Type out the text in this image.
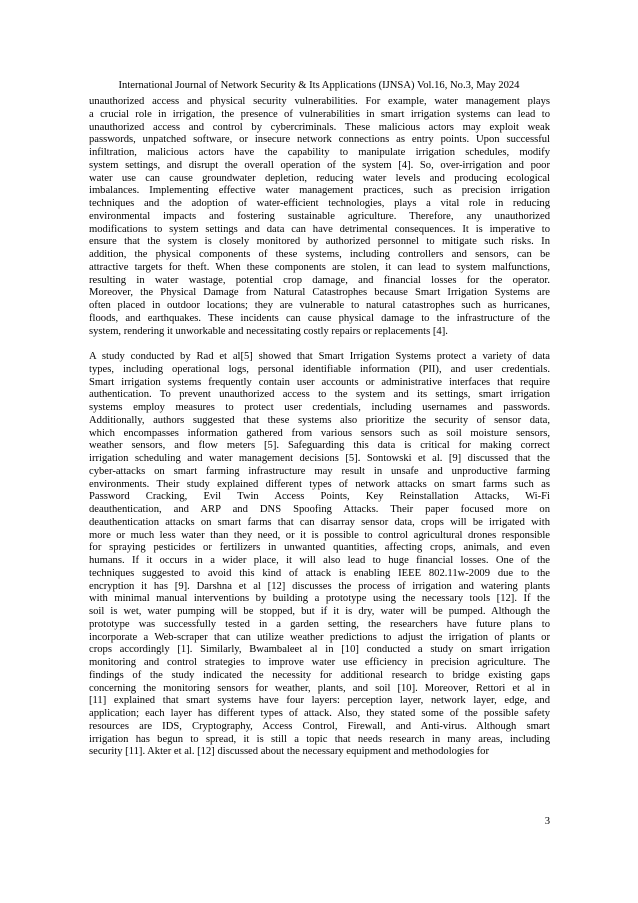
International Journal of Network Security & Its Applications (IJNSA) Vol.16, No.3, May 2024

unauthorized access and physical security vulnerabilities. For example, water management plays
a crucial role in irrigation, the presence of vulnerabilities in smart irrigation systems can lead to
unauthorized access and control by cybercriminals. These malicious actors may exploit weak
passwords, unpatched software, or insecure network connections as entry points. Upon successful
infiltration, malicious actors have the capability to manipulate irrigation schedules, modify
system settings, and disrupt the overall operation of the system [4]. So, over-irrigation and poor
water use can cause groundwater depletion, reducing water levels and producing ecological
imbalances. Implementing effective water management practices, such as precision irrigation
techniques and the adoption of water-efficient technologies, plays a vital role in reducing
environmental impacts and fostering sustainable agriculture. Therefore, any unauthorized
modifications to system settings and data can have detrimental consequences. It is imperative to
ensure that the system is closely monitored by authorized personnel to mitigate such risks. In
addition, the physical components of these systems, including controllers and sensors, can be
attractive targets for theft. When these components are stolen, it can lead to system malfunctions,
resulting in water wastage, potential crop damage, and financial losses for the operator.
Moreover, the Physical Damage from Natural Catastrophes because Smart Irrigation Systems are
often placed in outdoor locations; they are vulnerable to natural catastrophes such as hurricanes,
floods, and earthquakes. These incidents can cause physical damage to the infrastructure of the
system, rendering it unworkable and necessitating costly repairs or replacements [4].

A study conducted by Rad et al[5] showed that Smart Irrigation Systems protect a variety of data
types, including operational logs, personal identifiable information (PII), and user credentials.
Smart irrigation systems frequently contain user accounts or administrative interfaces that require
authentication. To prevent unauthorized access to the system and its settings, smart irrigation
systems employ measures to protect user credentials, including usernames and passwords.
Additionally, authors suggested that these systems also prioritize the security of sensor data,
which encompasses information gathered from various sensors such as soil moisture sensors,
weather sensors, and flow meters [5]. Safeguarding this data is critical for making correct
irrigation scheduling and water management decisions [5]. Sontowski et al. [9] discussed that the
cyber-attacks on smart farming infrastructure may result in unsafe and unproductive farming
environments. Their study explained different types of network attacks on smart farms such as
Password Cracking, Evil Twin Access Points, Key Reinstallation Attacks, Wi-Fi
deauthentication, and ARP and DNS Spoofing Attacks. Their paper focused more on
deauthentication attacks on smart farms that can disarray sensor data, crops will be irrigated with
more or much less water than they need, or it is possible to control agricultural drones responsible
for spraying pesticides or fertilizers in unwanted quantities, affecting crops, animals, and even
humans. If it occurs in a wider place, it will also lead to huge financial losses. One of the
techniques suggested to avoid this kind of attack is enabling IEEE 802.11w-2009 due to the
encryption it has [9]. Darshna et al [12] discusses the process of irrigation and watering plants
with minimal manual interventions by building a prototype using the necessary tools [12]. If the
soil is wet, water pumping will be stopped, but if it is dry, water will be pumped. Although the
prototype was successfully tested in a garden setting, the researchers have future plans to
incorporate a Web-scraper that can utilize weather predictions to adjust the irrigation of plants or
crops accordingly [1]. Similarly, Bwambaleet al in [10] conducted a study on smart irrigation
monitoring and control strategies to improve water use efficiency in precision agriculture. The
findings of the study indicated the necessity for additional research to bridge existing gaps
concerning the monitoring sensors for weather, plants, and soil [10]. Moreover, Rettori et al in
[11] explained that smart systems have four layers: perception layer, network layer, edge, and
application; each layer has different types of attack. Also, they stated some of the possible safety
resources are IDS, Cryptography, Access Control, Firewall, and Anti-virus. Although smart
irrigation has begun to spread, it is still a topic that needs research in many areas, including
security [11]. Akter et al. [12] discussed about the necessary equipment and methodologies for

3
